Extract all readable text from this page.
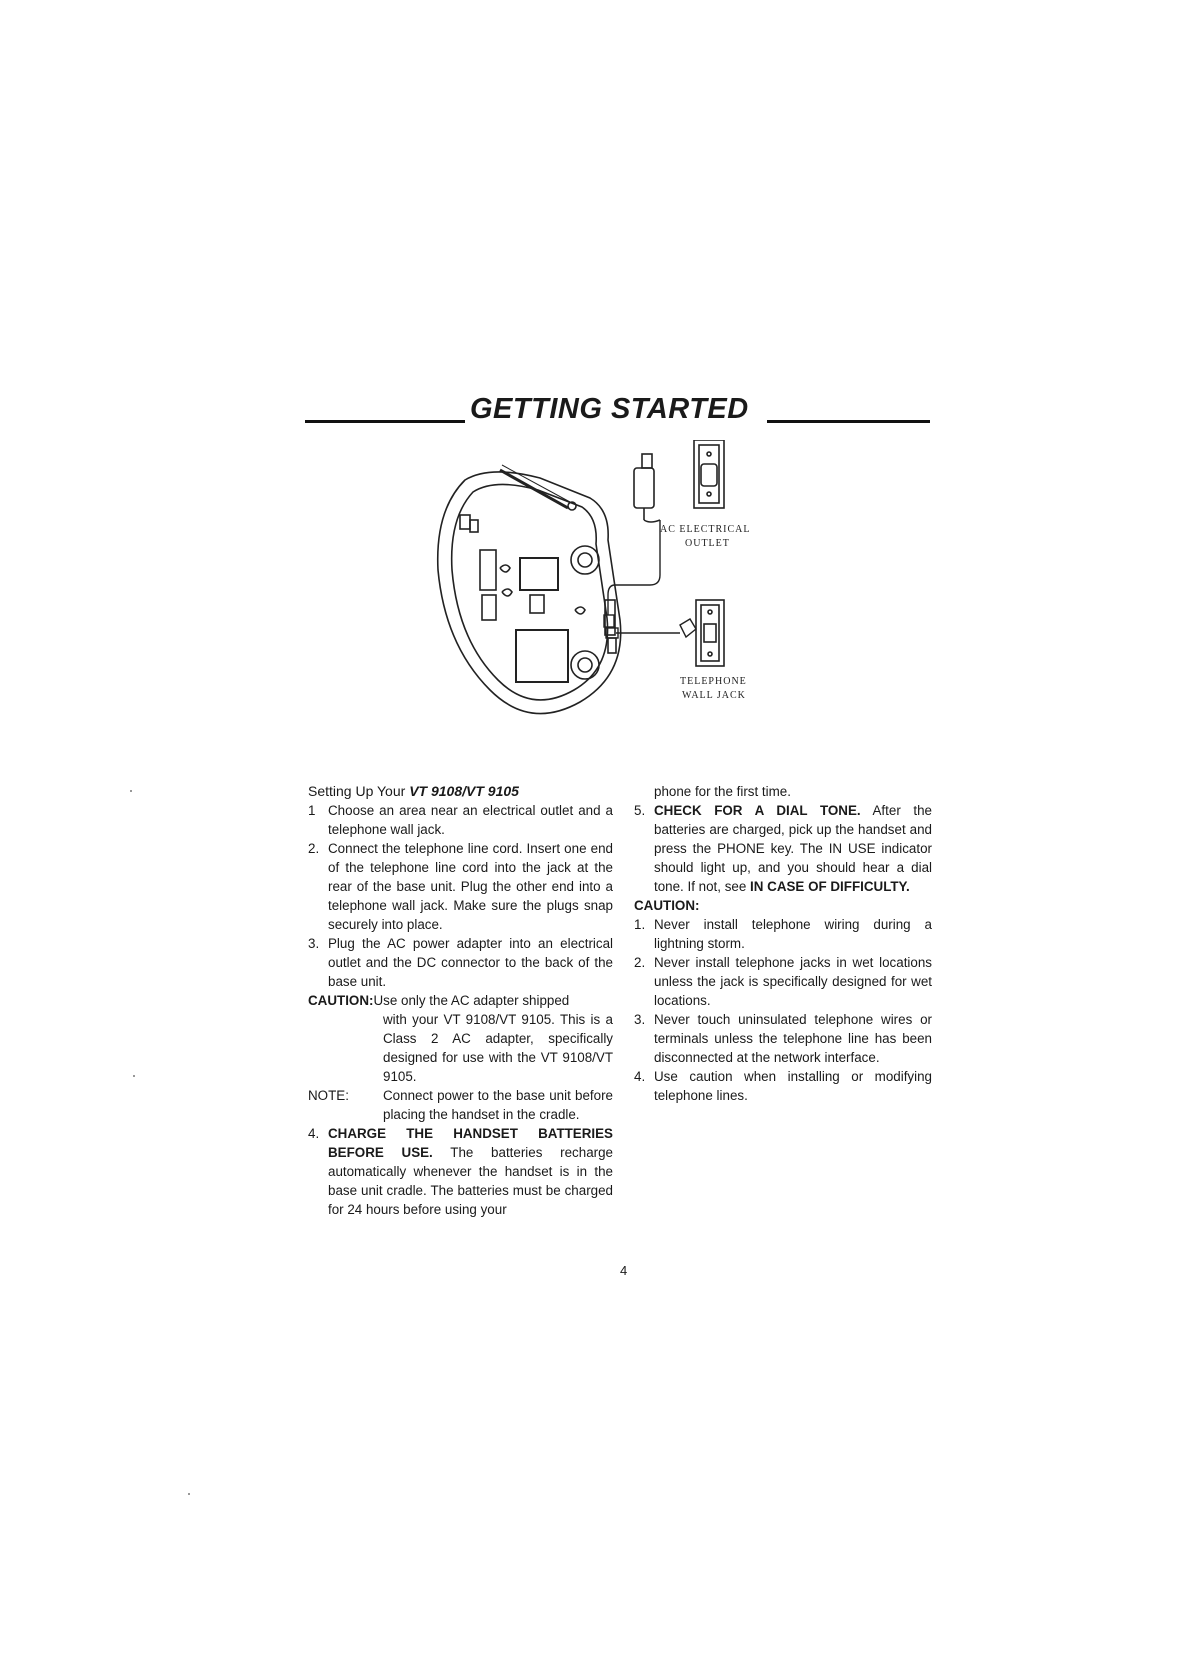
GETTING STARTED
AC ELECTRICAL
OUTLET
TELEPHONE
WALL JACK

Setting Up Your VT 9108/VT 9105

1 Choose an area near an electrical outlet and a telephone wall jack.
2. Connect the telephone line cord. Insert one end of the telephone line cord into the jack at the rear of the base unit. Plug the other end into a telephone wall jack. Make sure the plugs snap securely into place.
3. Plug the AC power adapter into an electrical outlet and the DC connector to the back of the base unit.
CAUTION: Use only the AC adapter shipped
with your VT 9108/VT 9105. This is a Class 2 AC adapter, specifically designed for use with the VT 9108/VT 9105.
NOTE:	Connect power to the base unit before placing the handset in the cradle.
4. CHARGE THE HANDSET BATTERIES BEFORE USE. The batteries recharge automatically whenever the handset is in the base unit cradle. The batteries must be charged for 24 hours before using your
phone for the first time.
5. CHECK FOR A DIAL TONE. After the batteries are charged, pick up the handset and press the PHONE key. The IN USE indicator should light up, and you should hear a dial tone. If not, see IN CASE OF DIFFICULTY.
CAUTION:
1. Never install telephone wiring during a lightning storm.
2. Never install telephone jacks in wet locations unless the jack is specifically designed for wet locations.
3. Never touch uninsulated telephone wires or terminals unless the telephone line has been disconnected at the network interface.
4. Use caution when installing or modifying telephone lines.
4
